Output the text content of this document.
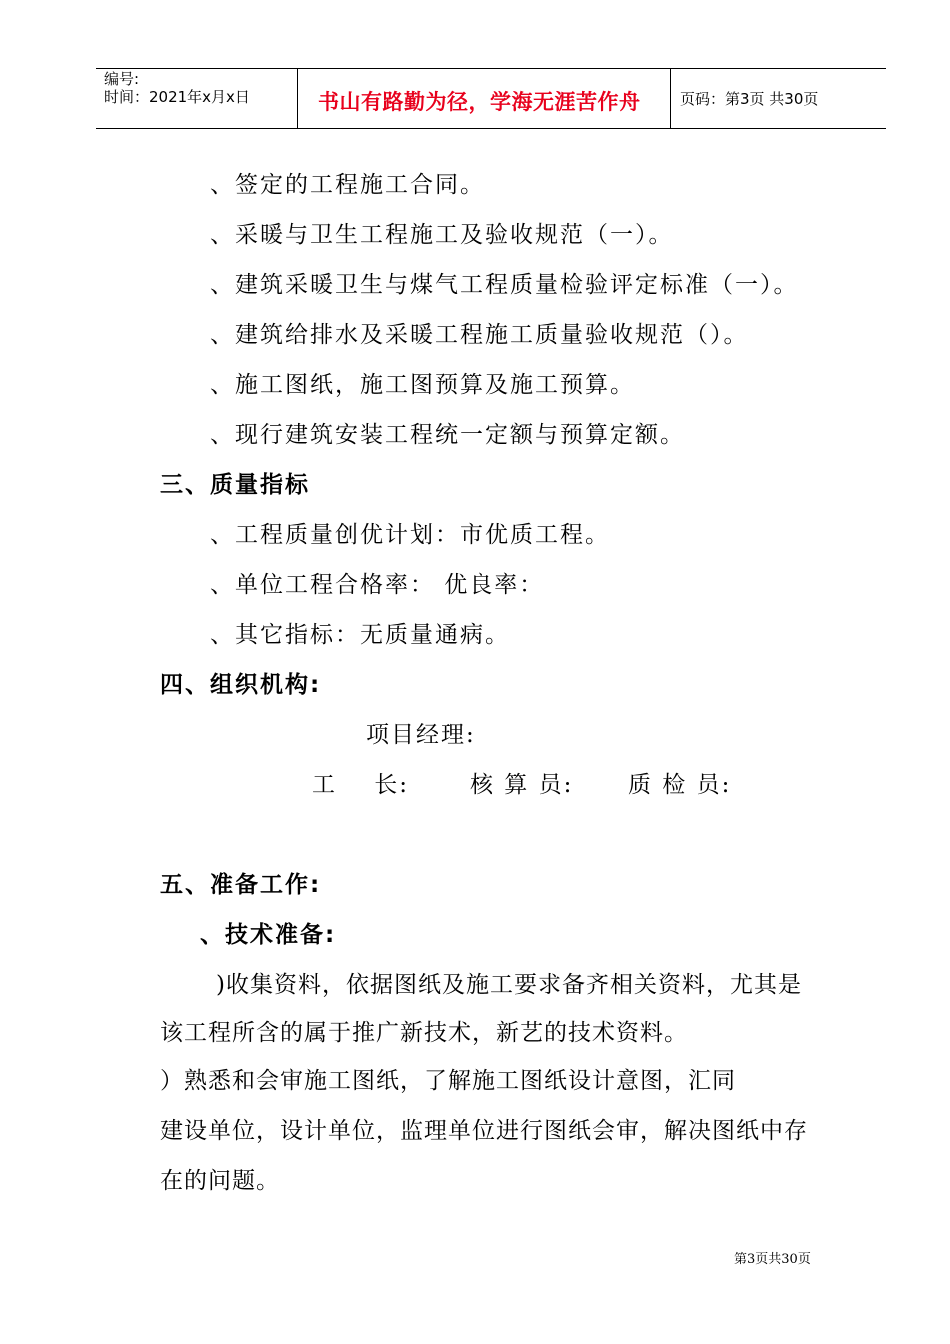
编号:
时间：2021年x月x日	书山有路勤为径，学海无涯苦作舟	页码：第3页 共30页
、签定的工程施工合同。
、采暖与卫生工程施工及验收规范（一）。
、建筑采暖卫生与煤气工程质量检验评定标准（一）。
、建筑给排水及采暖工程施工质量验收规范（）。
、施工图纸，施工图预算及施工预算。
、现行建筑安装工程统一定额与预算定额。
三、质量指标
、工程质量创优计划：市优质工程。
、单位工程合格率： 优良率：
、其它指标：无质量通病。
四、组织机构:
项目经理:
工    长:	核 算 员: 质 检 员:
五、准备工作:
、技术准备:
)收集资料，依据图纸及施工要求备齐相关资料，尤其是
该工程所含的属于推广新技术，新艺的技术资料。
）熟悉和会审施工图纸，了解施工图纸设计意图，汇同
建设单位，设计单位，监理单位进行图纸会审，解决图纸中存
在的问题。
第3页共30页
